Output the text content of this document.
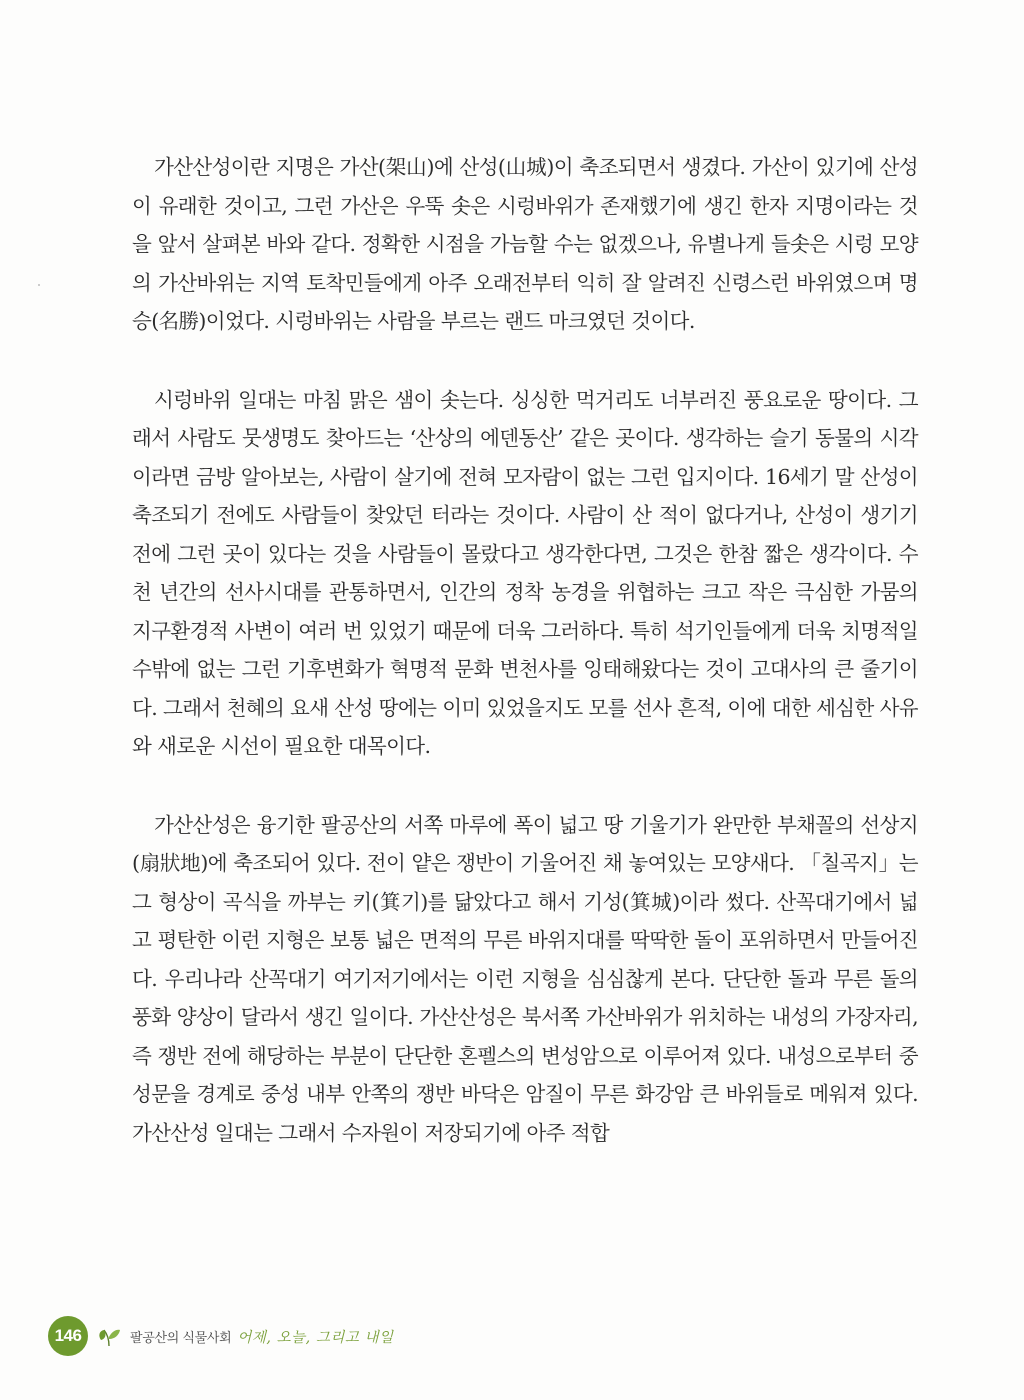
가산산성이란 지명은 가산(架山)에 산성(山城)이 축조되면서 생겼다. 가산이 있기에 산성이 유래한 것이고, 그런 가산은 우뚝 솟은 시렁바위가 존재했기에 생긴 한자 지명이라는 것을 앞서 살펴본 바와 같다. 정확한 시점을 가늠할 수는 없겠으나, 유별나게 들솟은 시렁 모양의 가산바위는 지역 토착민들에게 아주 오래전부터 익히 잘 알려진 신령스런 바위였으며 명승(名勝)이었다. 시렁바위는 사람을 부르는 랜드 마크였던 것이다.

시렁바위 일대는 마침 맑은 샘이 솟는다. 싱싱한 먹거리도 너부러진 풍요로운 땅이다. 그래서 사람도 뭇생명도 찾아드는 ‘산상의 에덴동산’ 같은 곳이다. 생각하는 슬기 동물의 시각이라면 금방 알아보는, 사람이 살기에 전혀 모자람이 없는 그런 입지이다. 16세기 말 산성이 축조되기 전에도 사람들이 찾았던 터라는 것이다. 사람이 산 적이 없다거나, 산성이 생기기 전에 그런 곳이 있다는 것을 사람들이 몰랐다고 생각한다면, 그것은 한참 짧은 생각이다. 수천 년간의 선사시대를 관통하면서, 인간의 정착 농경을 위협하는 크고 작은 극심한 가뭄의 지구환경적 사변이 여러 번 있었기 때문에 더욱 그러하다. 특히 석기인들에게 더욱 치명적일 수밖에 없는 그런 기후변화가 혁명적 문화 변천사를 잉태해왔다는 것이 고대사의 큰 줄기이다. 그래서 천혜의 요새 산성 땅에는 이미 있었을지도 모를 선사 흔적, 이에 대한 세심한 사유와 새로운 시선이 필요한 대목이다.

가산산성은 융기한 팔공산의 서쪽 마루에 폭이 넓고 땅 기울기가 완만한 부채꼴의 선상지(扇狀地)에 축조되어 있다. 전이 얕은 쟁반이 기울어진 채 놓여있는 모양새다. 「칠곡지」는 그 형상이 곡식을 까부는 키(箕기)를 닮았다고 해서 기성(箕城)이라 썼다. 산꼭대기에서 넓고 평탄한 이런 지형은 보통 넓은 면적의 무른 바위지대를 딱딱한 돌이 포위하면서 만들어진다. 우리나라 산꼭대기 여기저기에서는 이런 지형을 심심찮게 본다. 단단한 돌과 무른 돌의 풍화 양상이 달라서 생긴 일이다. 가산산성은 북서쪽 가산바위가 위치하는 내성의 가장자리, 즉 쟁반 전에 해당하는 부분이 단단한 혼펠스의 변성암으로 이루어져 있다. 내성으로부터 중성문을 경계로 중성 내부 안쪽의 쟁반 바닥은 암질이 무른 화강암 큰 바위들로 메워져 있다. 가산산성 일대는 그래서 수자원이 저장되기에 아주 적합

146	팔공산의 식물사회 어제, 오늘, 그리고 내일
